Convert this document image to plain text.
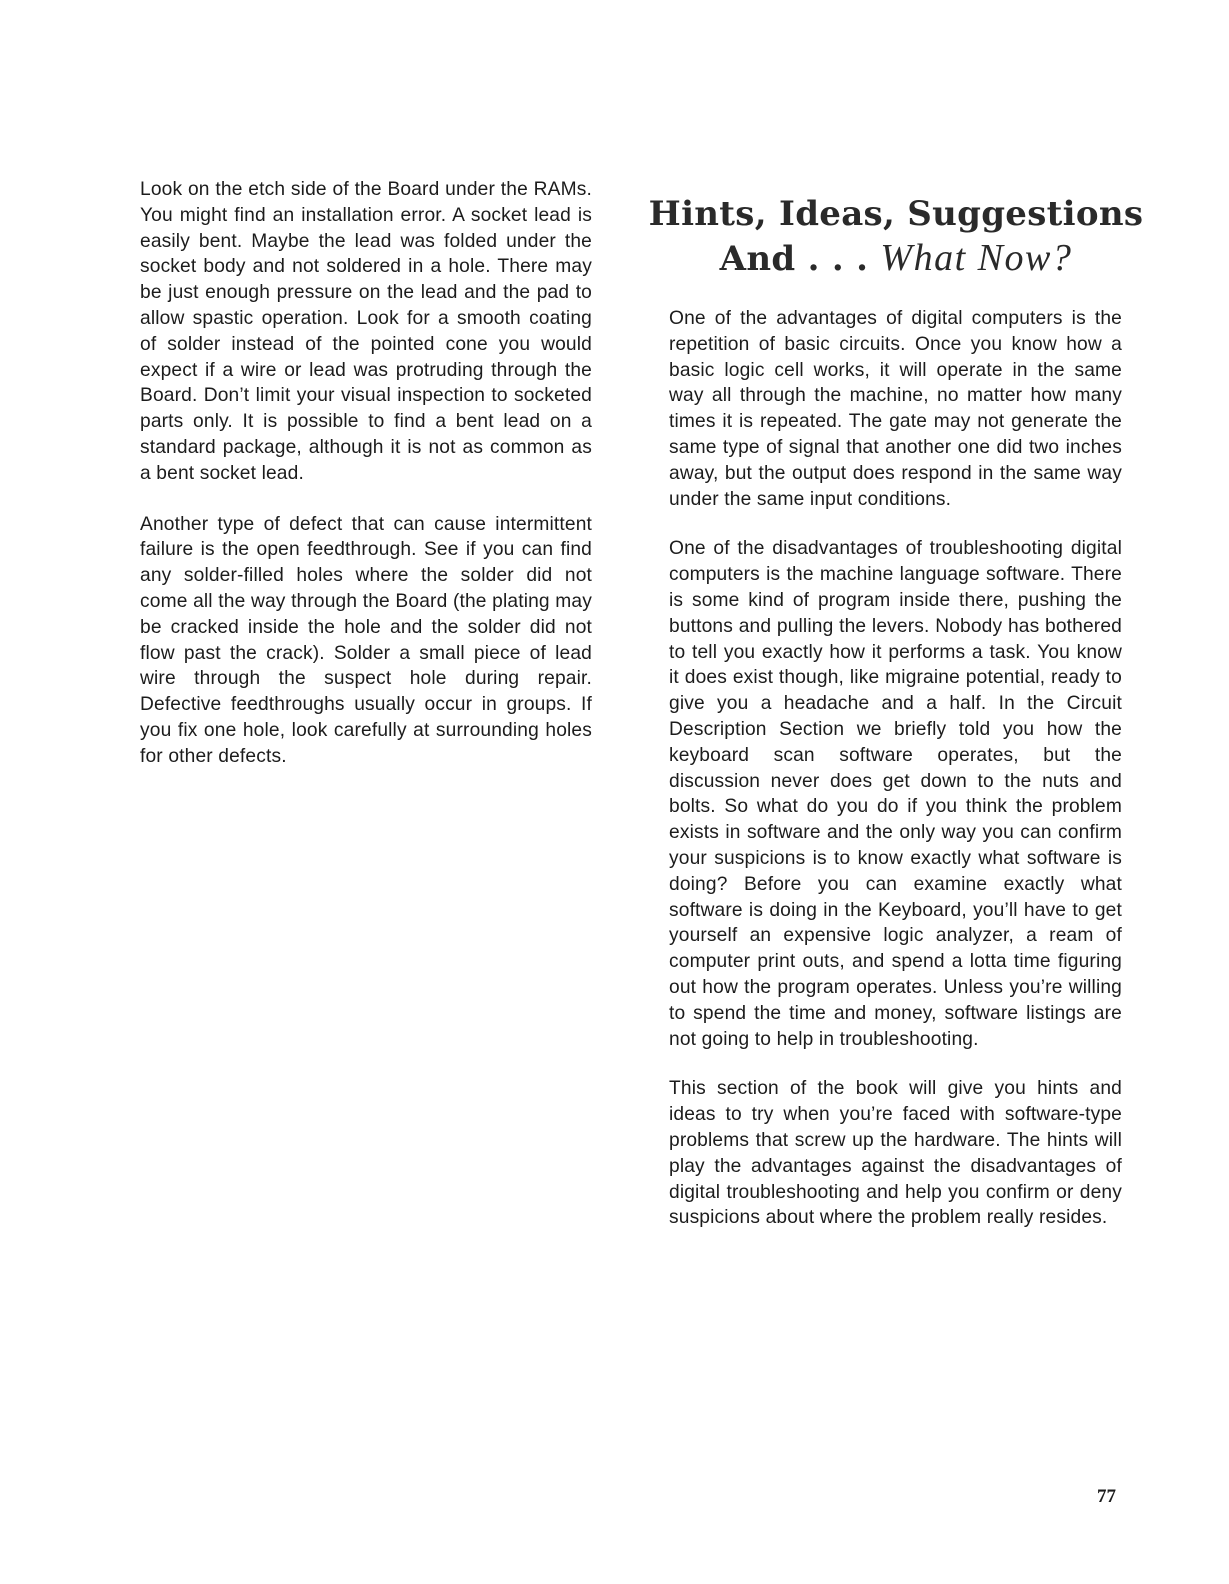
Look on the etch side of the Board under the RAMs. You might find an installation error. A socket lead is easily bent. Maybe the lead was folded under the socket body and not soldered in a hole. There may be just enough pressure on the lead and the pad to allow spastic operation. Look for a smooth coating of solder instead of the pointed cone you would expect if a wire or lead was protruding through the Board. Don’t limit your visual inspection to socketed parts only. It is possible to find a bent lead on a standard package, although it is not as common as a bent socket lead.

Another type of defect that can cause intermittent failure is the open feedthrough. See if you can find any solder-filled holes where the solder did not come all the way through the Board (the plating may be cracked inside the hole and the solder did not flow past the crack). Solder a small piece of lead wire through the suspect hole during repair. Defective feedthroughs usually occur in groups. If you fix one hole, look carefully at surrounding holes for other defects.

Hints, Ideas, Suggestions
And . . . What Now?

One of the advantages of digital computers is the repetition of basic circuits. Once you know how a basic logic cell works, it will operate in the same way all through the machine, no matter how many times it is repeated. The gate may not generate the same type of signal that another one did two inches away, but the output does respond in the same way under the same input conditions.

One of the disadvantages of troubleshooting digital computers is the machine language software. There is some kind of program inside there, pushing the buttons and pulling the levers. Nobody has bothered to tell you exactly how it performs a task. You know it does exist though, like migraine potential, ready to give you a headache and a half. In the Circuit Description Section we briefly told you how the keyboard scan software operates, but the discussion never does get down to the nuts and bolts. So what do you do if you think the problem exists in software and the only way you can confirm your suspicions is to know exactly what software is doing? Before you can examine exactly what software is doing in the Keyboard, you’ll have to get yourself an expensive logic analyzer, a ream of computer print outs, and spend a lotta time figuring out how the program operates. Unless you’re willing to spend the time and money, software listings are not going to help in troubleshooting.

This section of the book will give you hints and ideas to try when you’re faced with software-type problems that screw up the hardware. The hints will play the advantages against the disadvantages of digital troubleshooting and help you confirm or deny suspicions about where the problem really resides.

77
